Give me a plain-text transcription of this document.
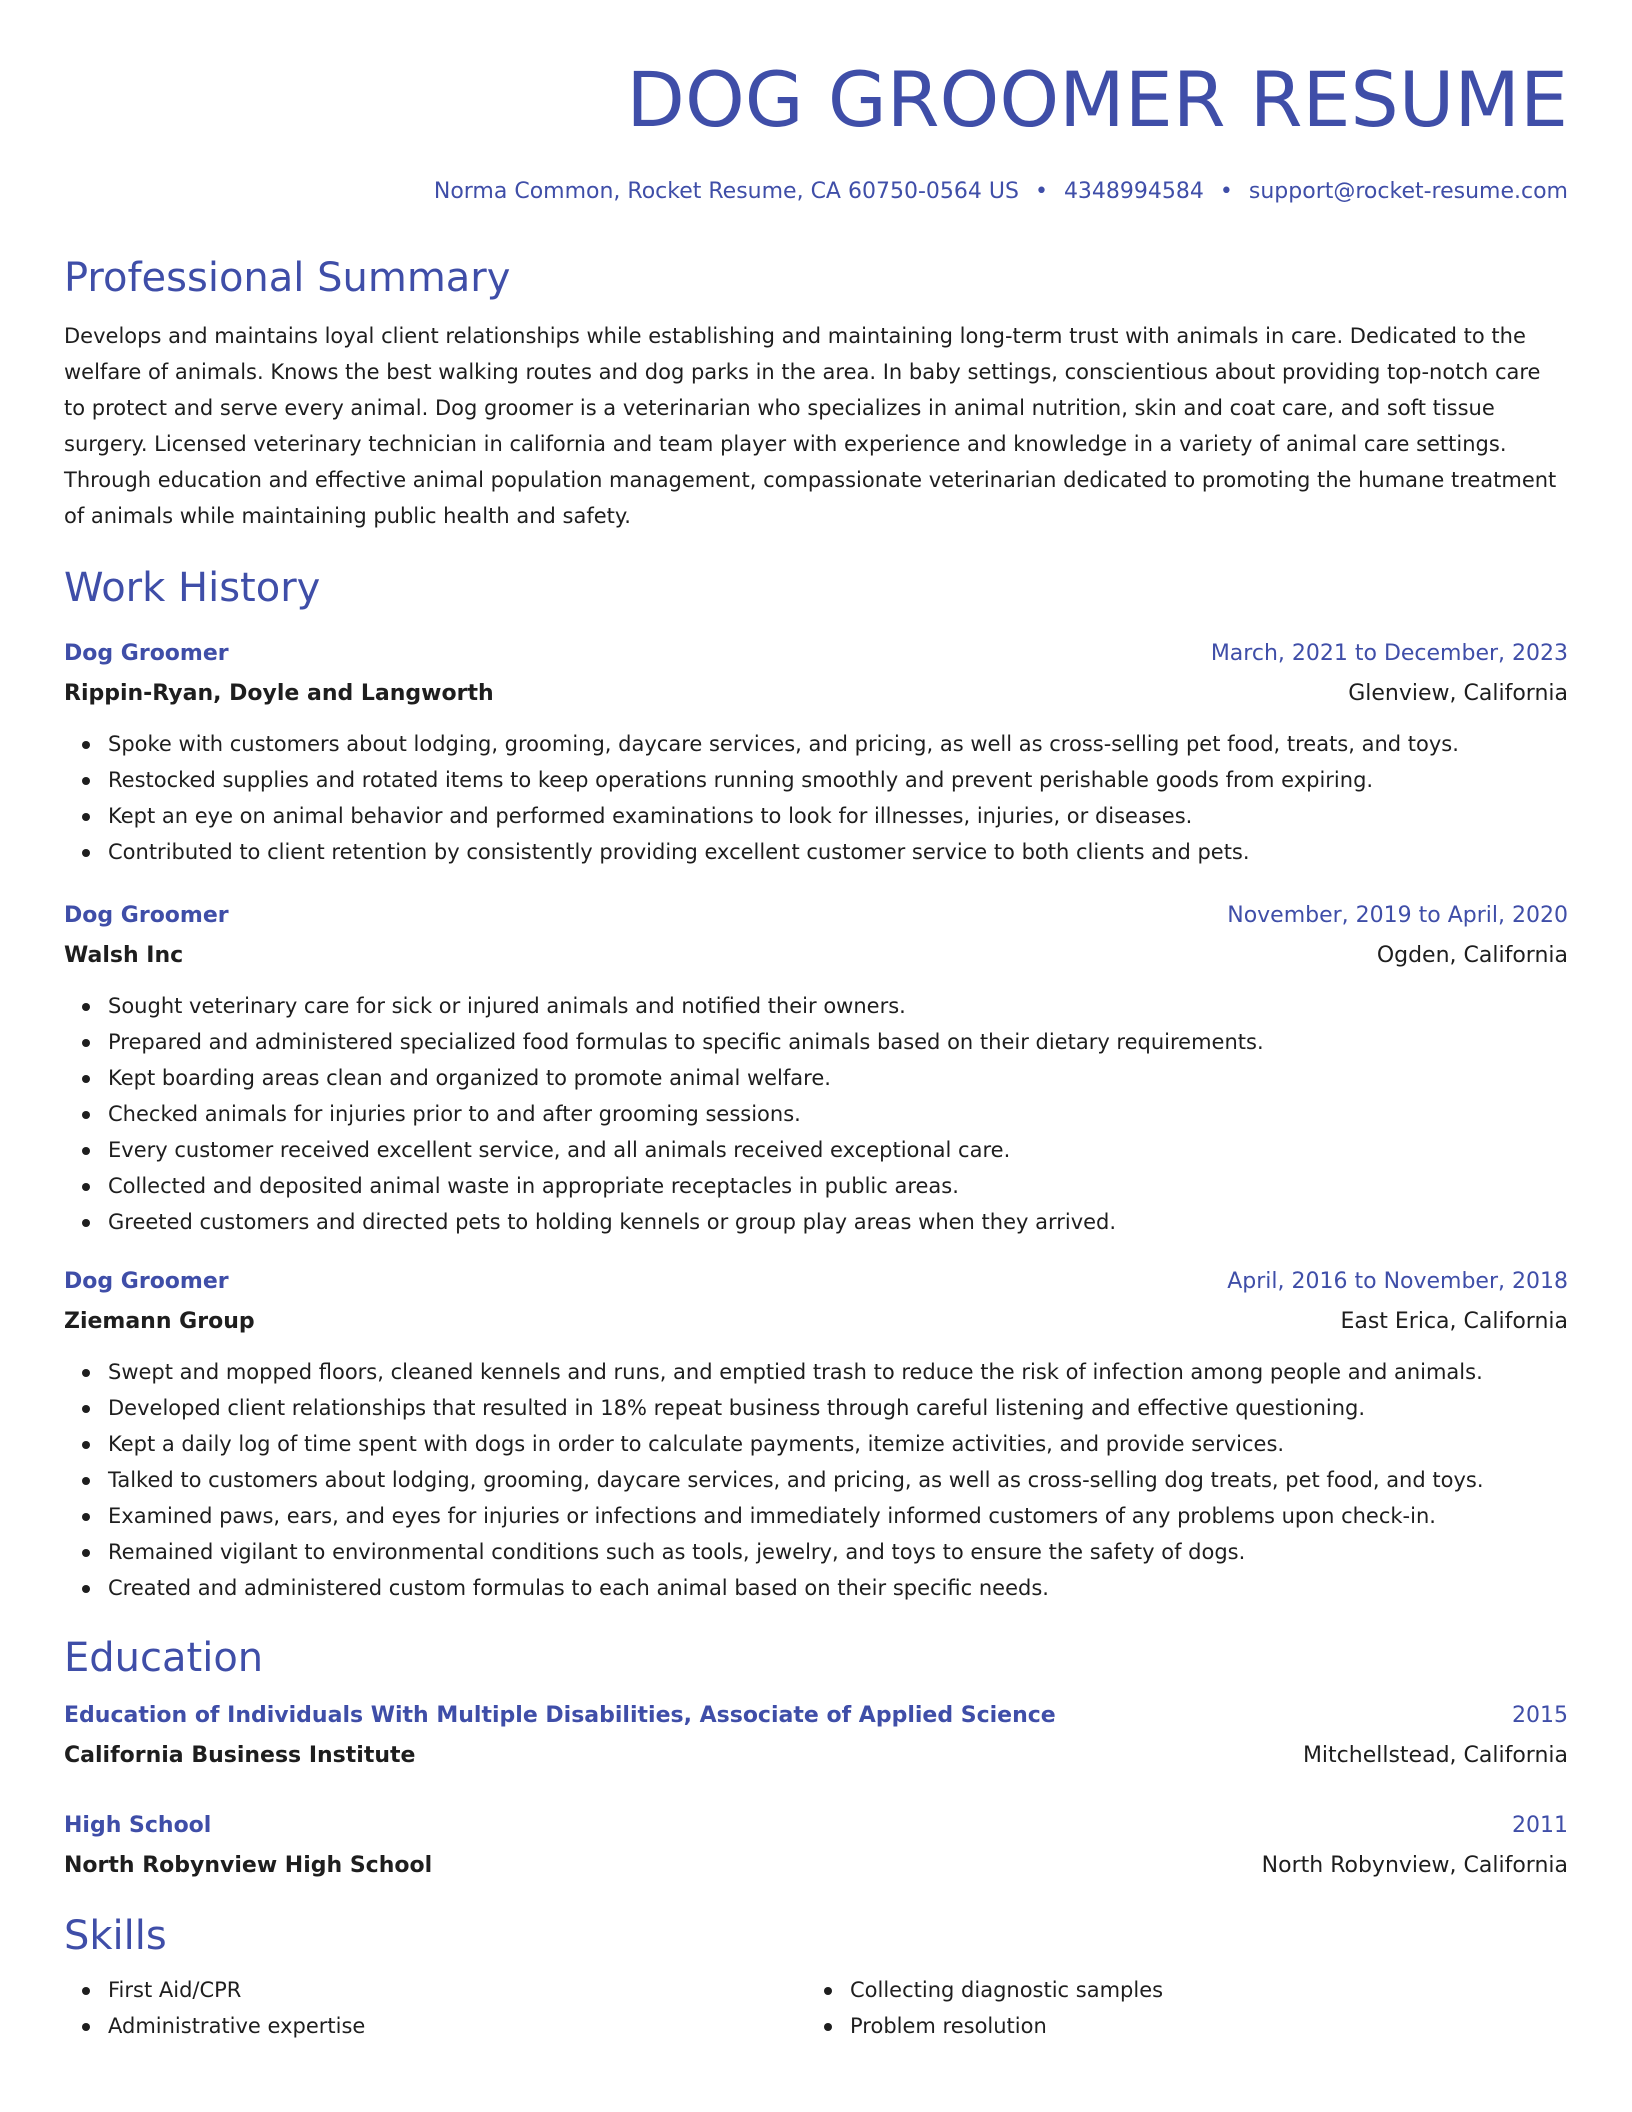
DOG GROOMER RESUME
Norma Common, Rocket Resume, CA 60750-0564 US • 4348994584 • support@rocket-resume.com
Professional Summary
Develops and maintains loyal client relationships while establishing and maintaining long-term trust with animals in care. Dedicated to the welfare of animals. Knows the best walking routes and dog parks in the area. In baby settings, conscientious about providing top-notch care to protect and serve every animal. Dog groomer is a veterinarian who specializes in animal nutrition, skin and coat care, and soft tissue surgery. Licensed veterinary technician in california and team player with experience and knowledge in a variety of animal care settings. Through education and effective animal population management, compassionate veterinarian dedicated to promoting the humane treatment of animals while maintaining public health and safety.
Work History
Dog Groomer	March, 2021 to December, 2023
Rippin-Ryan, Doyle and Langworth	Glenview, California
Spoke with customers about lodging, grooming, daycare services, and pricing, as well as cross-selling pet food, treats, and toys.
Restocked supplies and rotated items to keep operations running smoothly and prevent perishable goods from expiring.
Kept an eye on animal behavior and performed examinations to look for illnesses, injuries, or diseases.
Contributed to client retention by consistently providing excellent customer service to both clients and pets.
Dog Groomer	November, 2019 to April, 2020
Walsh Inc	Ogden, California
Sought veterinary care for sick or injured animals and notified their owners.
Prepared and administered specialized food formulas to specific animals based on their dietary requirements.
Kept boarding areas clean and organized to promote animal welfare.
Checked animals for injuries prior to and after grooming sessions.
Every customer received excellent service, and all animals received exceptional care.
Collected and deposited animal waste in appropriate receptacles in public areas.
Greeted customers and directed pets to holding kennels or group play areas when they arrived.
Dog Groomer	April, 2016 to November, 2018
Ziemann Group	East Erica, California
Swept and mopped floors, cleaned kennels and runs, and emptied trash to reduce the risk of infection among people and animals.
Developed client relationships that resulted in 18% repeat business through careful listening and effective questioning.
Kept a daily log of time spent with dogs in order to calculate payments, itemize activities, and provide services.
Talked to customers about lodging, grooming, daycare services, and pricing, as well as cross-selling dog treats, pet food, and toys.
Examined paws, ears, and eyes for injuries or infections and immediately informed customers of any problems upon check-in.
Remained vigilant to environmental conditions such as tools, jewelry, and toys to ensure the safety of dogs.
Created and administered custom formulas to each animal based on their specific needs.
Education
Education of Individuals With Multiple Disabilities, Associate of Applied Science	2015
California Business Institute	Mitchellstead, California
High School	2011
North Robynview High School	North Robynview, California
Skills
First Aid/CPR
Administrative expertise
Collecting diagnostic samples
Problem resolution
